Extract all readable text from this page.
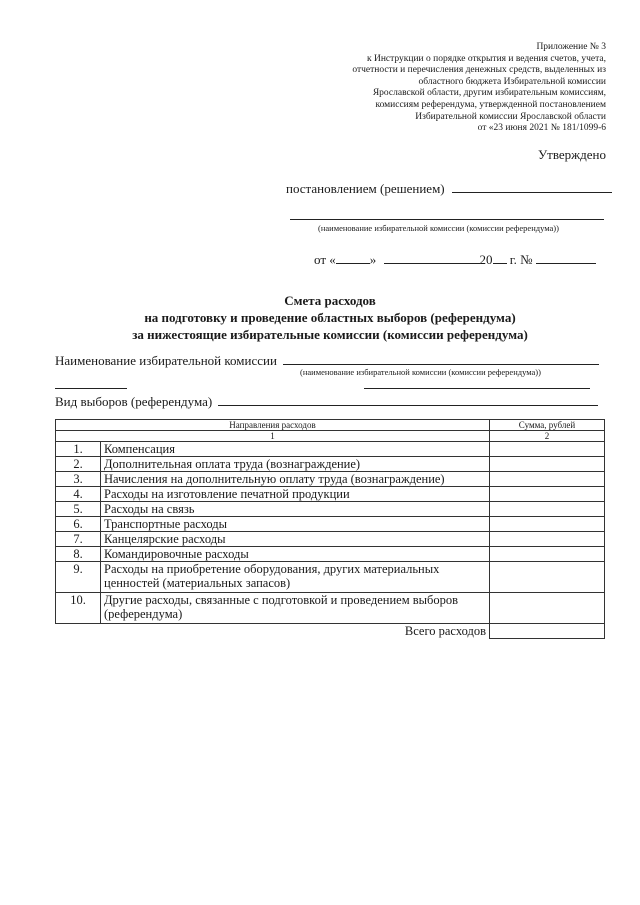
Приложение № 3
к Инструкции о порядке открытия и ведения счетов, учета,
отчетности и перечисления денежных средств, выделенных из
областного бюджета Избирательной комиссии
Ярославской области, другим избирательным комиссиям,
комиссиям референдума, утвержденной постановлением
Избирательной комиссии Ярославской области
от «23 июня 2021 № 181/1099-6
Утверждено
постановлением (решением)
(наименование избирательной комиссии (комиссии референдума))
от «	»	20 г. №
Смета расходов
на подготовку и проведение областных выборов (референдума)
за нижестоящие избирательные комиссии (комиссии референдума)
Наименование избирательной комиссии
(наименование избирательной комиссии (комиссии референдума))

Вид выборов (референдума)
Направления расходов		Сумма, рублей
1		2
1.	Компенсация	
2.	Дополнительная оплата труда (вознаграждение)	
3.	Начисления на дополнительную оплату труда (вознаграждение)	
4.	Расходы на изготовление печатной продукции	
5.	Расходы на связь	
6.	Транспортные расходы	
7.	Канцелярские расходы	
8.	Командировочные расходы	
9.	Расходы на приобретение оборудования, других материальных ценностей (материальных запасов)	
10.	Другие расходы, связанные с подготовкой и проведением выборов (референдума)	
	Всего расходов	
